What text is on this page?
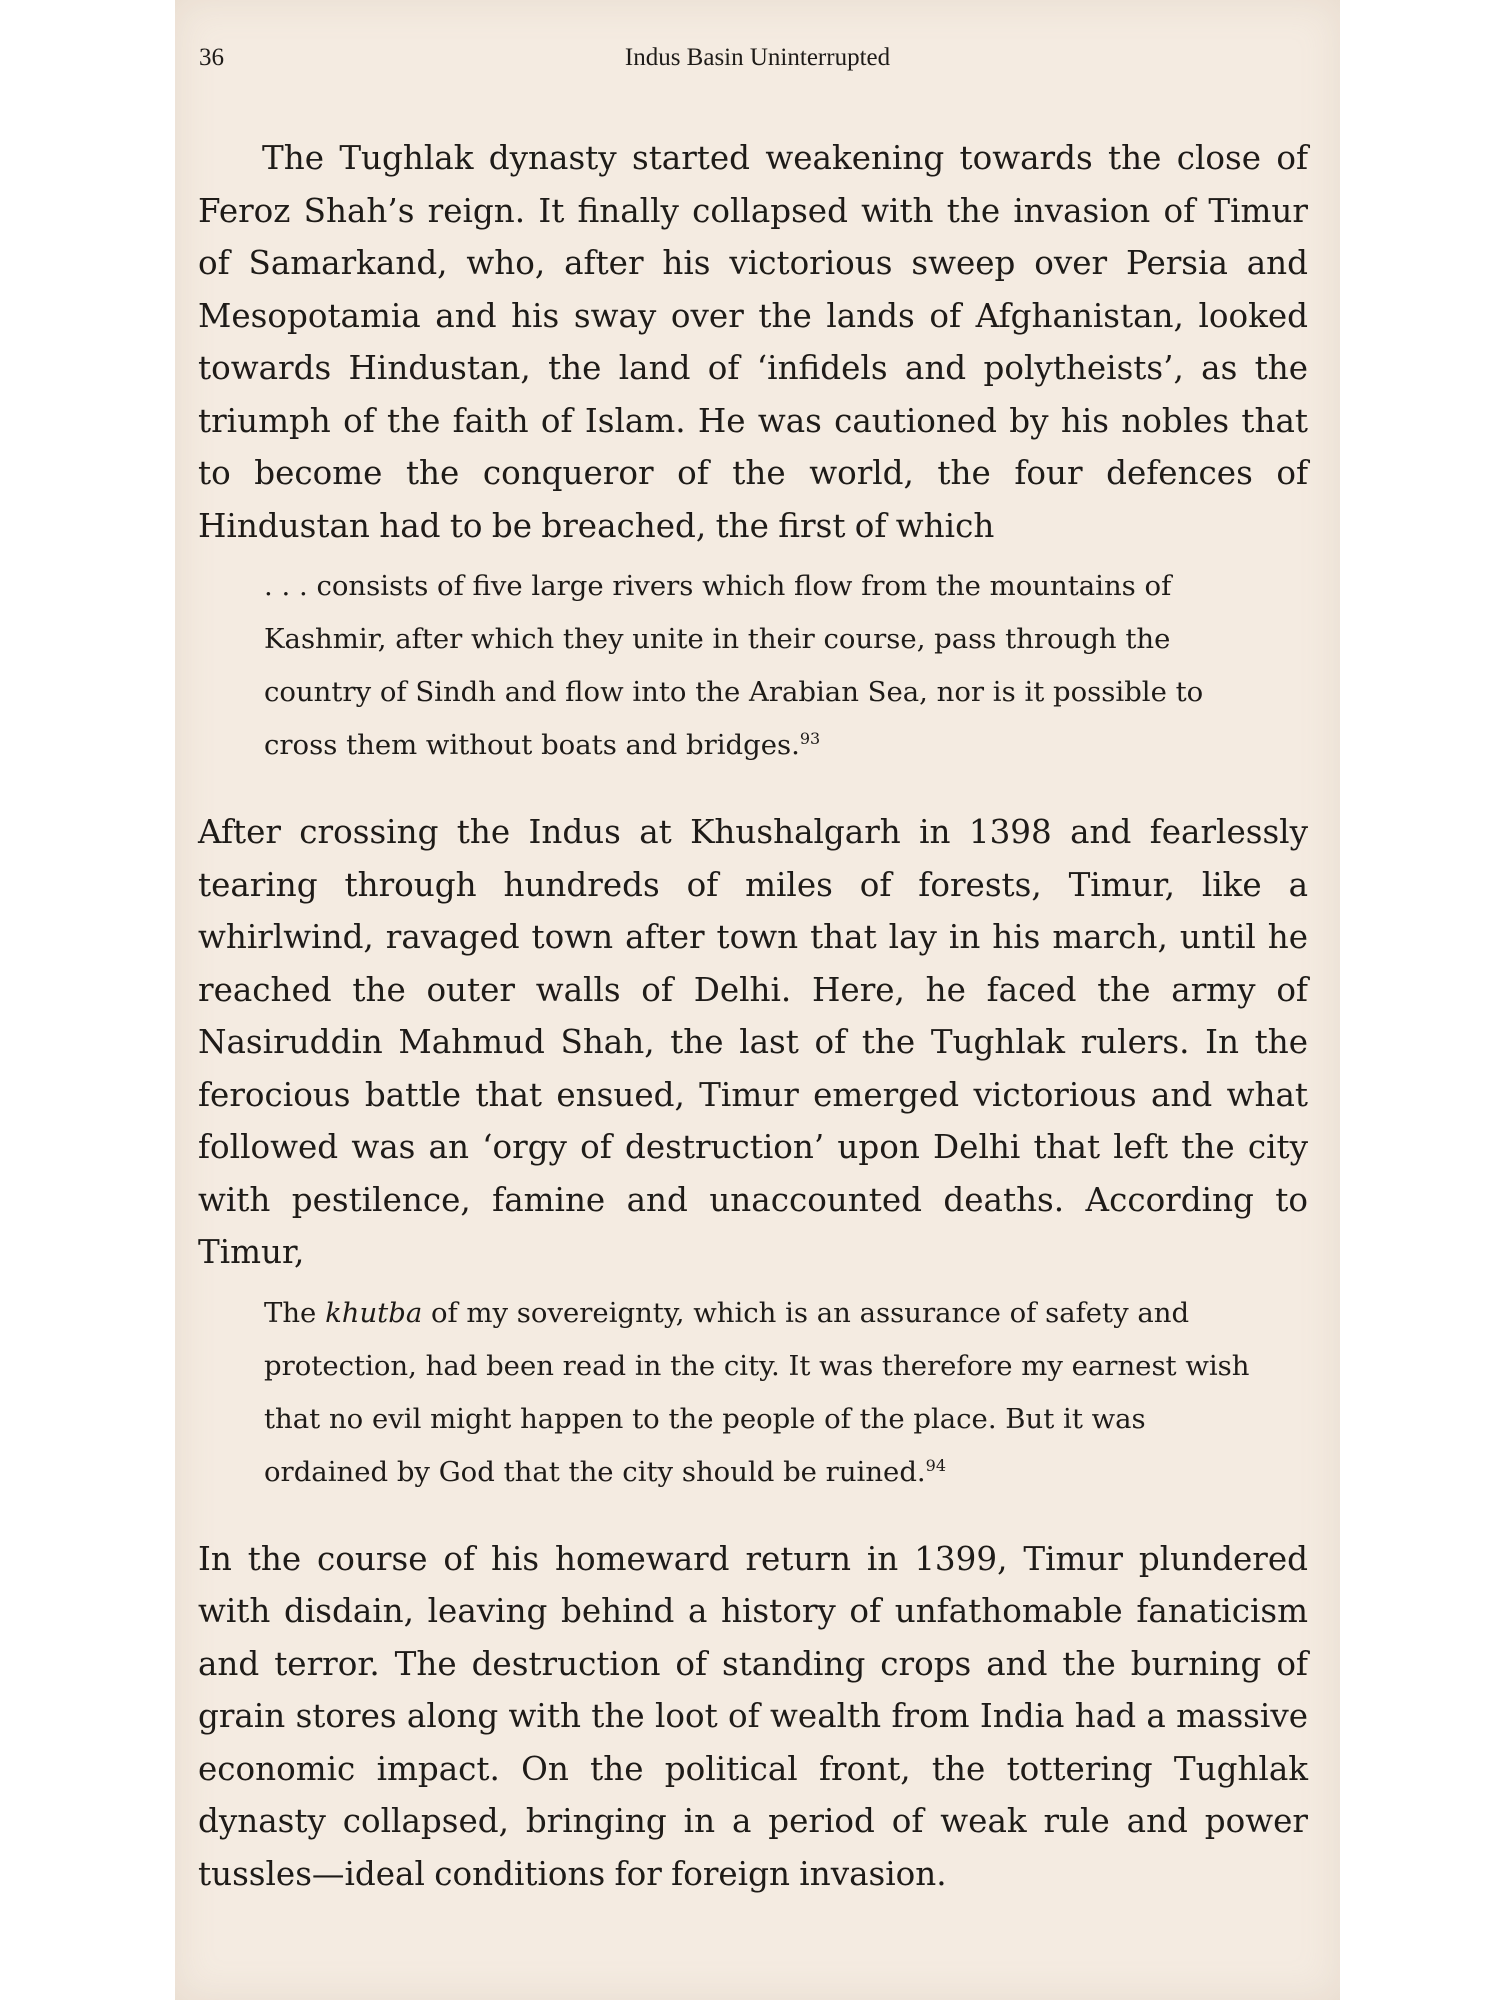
36	Indus Basin Uninterrupted

The Tughlak dynasty started weakening towards the close of Feroz Shah’s reign. It finally collapsed with the invasion of Timur of Samarkand, who, after his victorious sweep over Persia and Mesopotamia and his sway over the lands of Afghanistan, looked towards Hindustan, the land of ‘infidels and polytheists’, as the triumph of the faith of Islam. He was cautioned by his nobles that to become the conqueror of the world, the four defences of Hindustan had to be breached, the first of which

. . . consists of five large rivers which flow from the mountains of Kashmir, after which they unite in their course, pass through the country of Sindh and flow into the Arabian Sea, nor is it possible to cross them without boats and bridges.$^{93}$

After crossing the Indus at Khushalgarh in 1398 and fearlessly tearing through hundreds of miles of forests, Timur, like a whirlwind, ravaged town after town that lay in his march, until he reached the outer walls of Delhi. Here, he faced the army of Nasiruddin Mahmud Shah, the last of the Tughlak rulers. In the ferocious battle that ensued, Timur emerged victorious and what followed was an ‘orgy of destruction’ upon Delhi that left the city with pestilence, famine and unaccounted deaths. According to Timur,

The khutba of my sovereignty, which is an assurance of safety and protection, had been read in the city. It was therefore my earnest wish that no evil might happen to the people of the place. But it was ordained by God that the city should be ruined.$^{94}$

In the course of his homeward return in 1399, Timur plundered with disdain, leaving behind a history of unfathomable fanaticism and terror. The destruction of standing crops and the burning of grain stores along with the loot of wealth from India had a massive economic impact. On the political front, the tottering Tughlak dynasty collapsed, bringing in a period of weak rule and power tussles—ideal conditions for foreign invasion.
